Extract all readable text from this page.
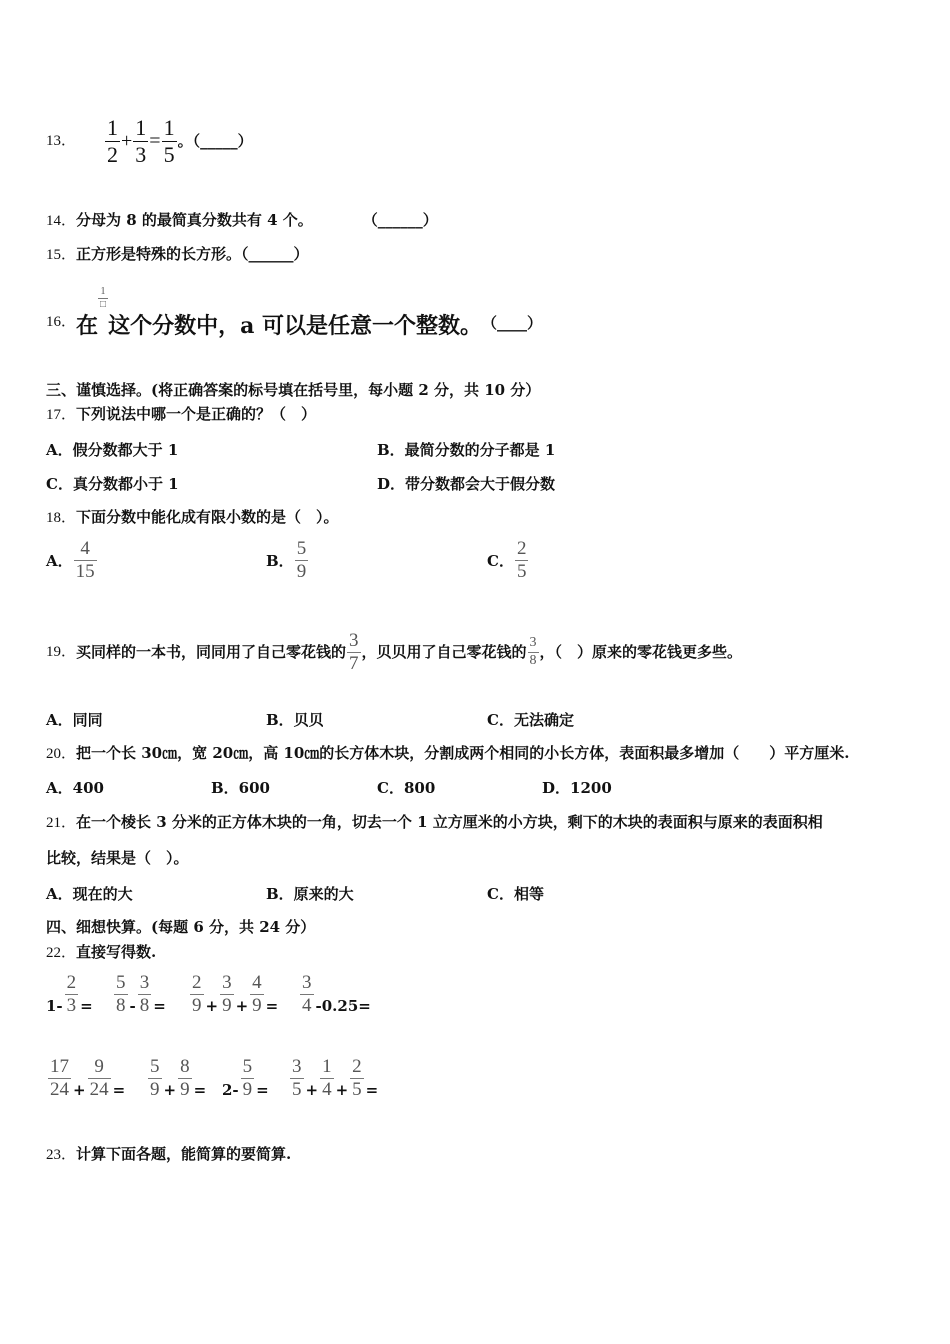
13． $\frac{1}{2} + \frac{1}{3} = \frac{1}{5}$ 。（_____）
14．分母为 8 的最简真分数共有 4 个。	（______）
15．正方形是特殊的长方形。（______）
16． 在
$\frac{1}{□}$
这个分数中，a 可以是任意一个整数。 （____）
三、谨慎选择。(将正确答案的标号填在括号里，每小题 2 分，共 10 分）
17．下列说法中哪一个是正确的？（　）
A．假分数都大于 1	B．最简分数的分子都是 1
C．真分数都小于 1	D．带分数都会大于假分数
18．下面分数中能化成有限小数的是（　）。
A． $\frac{4}{15}$	B． $\frac{5}{9}$	C． $\frac{2}{5}$
19． 买同样的一本书，同同用了自己零花钱的 $\frac{3}{7}$ ，贝贝用了自己零花钱的 $\frac{3}{8}$ ，（　）原来的零花钱更多些。
A．同同	B．贝贝	C．无法确定
20．把一个长 30㎝，宽 20㎝，高 10㎝的长方体木块，分割成两个相同的小长方体，表面积最多增加（　　）平方厘米.
A．400	B．600	C．800	D．1200
21．在一个棱长 3 分米的正方体木块的一角，切去一个 1 立方厘米的小方块，剩下的木块的表面积与原来的表面积相
比较，结果是（　）。
A．现在的大	B．原来的大	C．相等
四、细想快算。(每题 6 分，共 24 分）
22．直接写得数.
$1- \frac{2}{3} = \frac{5}{8} - \frac{3}{8} = \frac{2}{9} + \frac{3}{9} + \frac{4}{9} = \frac{3}{4} -0.25=$
$\frac{17}{24} + \frac{9}{24} = \frac{5}{9} + \frac{8}{9} = 2- \frac{5}{9} = \frac{3}{5} + \frac{1}{4} + \frac{2}{5}$ =
23．计算下面各题，能简算的要简算.
